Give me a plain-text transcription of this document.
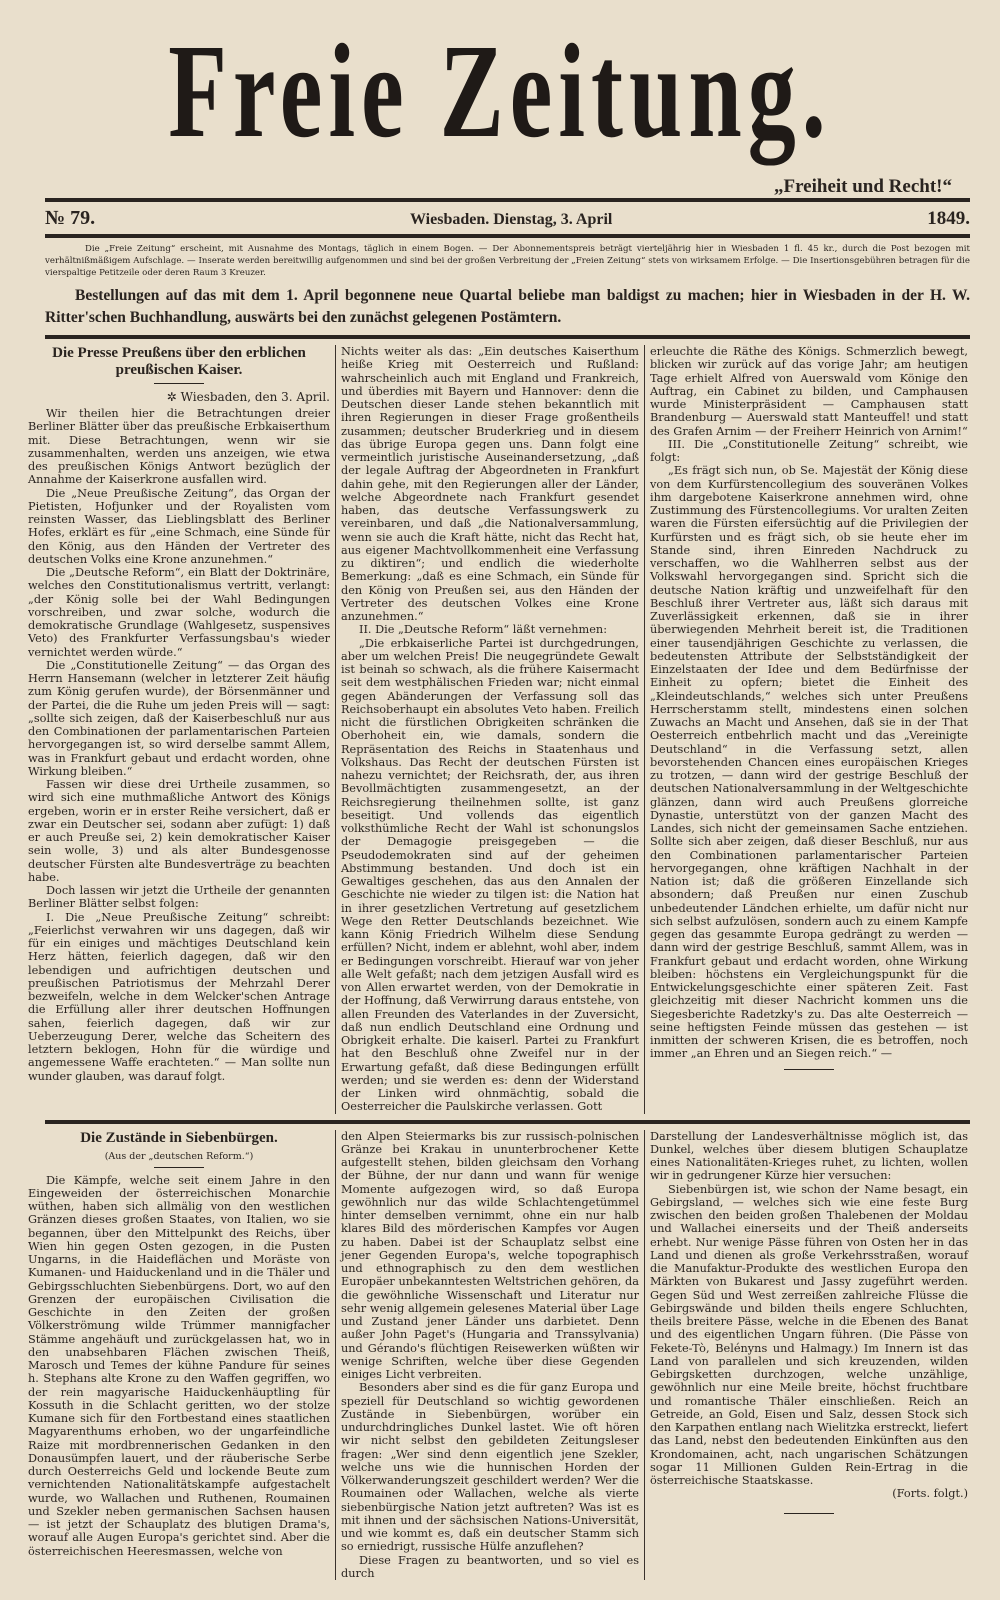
Freie Zeitung.
„Freiheit und Recht!“
№ 79.	Wiesbaden. Dienstag, 3. April	1849.
Die „Freie Zeitung“ erscheint, mit Ausnahme des Montags, täglich in einem Bogen. — Der Abonnementspreis beträgt vierteljährig hier in Wiesbaden 1 fl. 45 kr., durch die Post bezogen mit verhältnißmäßigem Aufschlage. — Inserate werden bereitwillig aufgenommen und sind bei der großen Verbreitung der „Freien Zeitung“ stets von wirksamem Erfolge. — Die Insertionsgebühren betragen für die vierspaltige Petitzeile oder deren Raum 3 Kreuzer.
Bestellungen auf das mit dem 1. April begonnene neue Quartal beliebe man baldigst zu machen; hier in Wiesbaden in der H. W. Ritter'schen Buchhandlung, auswärts bei den zunächst gelegenen Postämtern.
Die Presse Preußens über den erblichen preußischen Kaiser.
✲ Wiesbaden, den 3. April.

Wir theilen hier die Betrachtungen dreier Berliner Blätter über das preußische Erbkaiserthum mit. Diese Betrachtungen, wenn wir sie zusammenhalten, werden uns anzeigen, wie etwa des preußischen Königs Antwort bezüglich der Annahme der Kaiserkrone ausfallen wird.

Die „Neue Preußische Zeitung“, das Organ der Pietisten, Hofjunker und der Royalisten vom reinsten Wasser, das Lieblingsblatt des Berliner Hofes, erklärt es für „eine Schmach, eine Sünde für den König, aus den Händen der Vertreter des deutschen Volks eine Krone anzunehmen.“

Die „Deutsche Reform“, ein Blatt der Doktrinäre, welches den Constitutionalismus vertritt, verlangt: „der König solle bei der Wahl Bedingungen vorschreiben, und zwar solche, wodurch die demokratische Grundlage (Wahlgesetz, suspensives Veto) des Frankfurter Verfassungsbau's wieder vernichtet werden würde.“

Die „Constitutionelle Zeitung“ — das Organ des Herrn Hansemann (welcher in letzterer Zeit häufig zum König gerufen wurde), der Börsenmänner und der Partei, die die Ruhe um jeden Preis will — sagt: „sollte sich zeigen, daß der Kaiserbeschluß nur aus den Combinationen der parlamentarischen Parteien hervorgegangen ist, so wird derselbe sammt Allem, was in Frankfurt gebaut und erdacht worden, ohne Wirkung bleiben.“

Fassen wir diese drei Urtheile zusammen, so wird sich eine muthmaßliche Antwort des Königs ergeben, worin er in erster Reihe versichert, daß er zwar ein Deutscher sei, sodann aber zufügt: 1) daß er auch Preuße sei, 2) kein demokratischer Kaiser sein wolle, 3) und als alter Bundesgenosse deutscher Fürsten alte Bundesverträge zu beachten habe.

Doch lassen wir jetzt die Urtheile der genannten Berliner Blätter selbst folgen:

I. Die „Neue Preußische Zeitung“ schreibt: „Feierlichst verwahren wir uns dagegen, daß wir für ein einiges und mächtiges Deutschland kein Herz hätten, feierlich dagegen, daß wir den lebendigen und aufrichtigen deutschen und preußischen Patriotismus der Mehrzahl Derer bezweifeln, welche in dem Welcker'schen Antrage die Erfüllung aller ihrer deutschen Hoffnungen sahen, feierlich dagegen, daß wir zur Ueberzeugung Derer, welche das Scheitern des letztern beklogen, Hohn für die würdige und angemessene Waffe erachteten.“ — Man sollte nun wunder glauben, was darauf folgt.

Nichts weiter als das: „Ein deutsches Kaiserthum heiße Krieg mit Oesterreich und Rußland: wahrscheinlich auch mit England und Frankreich, und überdies mit Bayern und Hannover: denn die Deutschen dieser Lande stehen bekanntlich mit ihren Regierungen in dieser Frage großentheils zusammen; deutscher Bruderkrieg und in diesem das übrige Europa gegen uns. Dann folgt eine vermeintlich juristische Auseinandersetzung, „daß der legale Auftrag der Abgeordneten in Frankfurt dahin gehe, mit den Regierungen aller der Länder, welche Abgeordnete nach Frankfurt gesendet haben, das deutsche Verfassungswerk zu vereinbaren, und daß „die Nationalversammlung, wenn sie auch die Kraft hätte, nicht das Recht hat, aus eigener Machtvollkommenheit eine Verfassung zu diktiren“; und endlich die wiederholte Bemerkung: „daß es eine Schmach, ein Sünde für den König von Preußen sei, aus den Händen der Vertreter des deutschen Volkes eine Krone anzunehmen.“

II. Die „Deutsche Reform“ läßt vernehmen:

„Die erbkaiserliche Partei ist durchgedrungen, aber um welchen Preis! Die neugegründete Gewalt ist beinah so schwach, als die frühere Kaisermacht seit dem westphälischen Frieden war; nicht einmal gegen Abänderungen der Verfassung soll das Reichsoberhaupt ein absolutes Veto haben. Freilich nicht die fürstlichen Obrigkeiten schränken die Oberhoheit ein, wie damals, sondern die Repräsentation des Reichs in Staatenhaus und Volkshaus. Das Recht der deutschen Fürsten ist nahezu vernichtet; der Reichsrath, der, aus ihren Bevollmächtigten zusammengesetzt, an der Reichsregierung theilnehmen sollte, ist ganz beseitigt. Und vollends das eigentlich volksthümliche Recht der Wahl ist schonungslos der Demagogie preisgegeben — die Pseudodemokraten sind auf der geheimen Abstimmung bestanden. Und doch ist ein Gewaltiges geschehen, das aus den Annalen der Geschichte nie wieder zu tilgen ist: die Nation hat in ihrer gesetzlichen Vertretung auf gesetzlichem Wege den Retter Deutschlands bezeichnet. Wie kann König Friedrich Wilhelm diese Sendung erfüllen? Nicht, indem er ablehnt, wohl aber, indem er Bedingungen vorschreibt. Hierauf war von jeher alle Welt gefaßt; nach dem jetzigen Ausfall wird es von Allen erwartet werden, von der Demokratie in der Hoffnung, daß Verwirrung daraus entstehe, von allen Freunden des Vaterlandes in der Zuversicht, daß nun endlich Deutschland eine Ordnung und Obrigkeit erhalte. Die kaiserl. Partei zu Frankfurt hat den Beschluß ohne Zweifel nur in der Erwartung gefaßt, daß diese Bedingungen erfüllt werden; und sie werden es: denn der Widerstand der Linken wird ohnmächtig, sobald die Oesterreicher die Paulskirche verlassen. Gott

erleuchte die Räthe des Königs. Schmerzlich bewegt, blicken wir zurück auf das vorige Jahr; am heutigen Tage erhielt Alfred von Auerswald vom Könige den Auftrag, ein Cabinet zu bilden, und Camphausen wurde Ministerpräsident — Camphausen statt Brandenburg — Auerswald statt Manteuffel! und statt des Grafen Arnim — der Freiherr Heinrich von Arnim!“

III. Die „Constitutionelle Zeitung“ schreibt, wie folgt:

„Es frägt sich nun, ob Se. Majestät der König diese von dem Kurfürstencollegium des souveränen Volkes ihm dargebotene Kaiserkrone annehmen wird, ohne Zustimmung des Fürstencollegiums. Vor uralten Zeiten waren die Fürsten eifersüchtig auf die Privilegien der Kurfürsten und es frägt sich, ob sie heute eher im Stande sind, ihren Einreden Nachdruck zu verschaffen, wo die Wahlherren selbst aus der Volkswahl hervorgegangen sind. Spricht sich die deutsche Nation kräftig und unzweifelhaft für den Beschluß ihrer Vertreter aus, läßt sich daraus mit Zuverlässigkeit erkennen, daß sie in ihrer überwiegenden Mehrheit bereit ist, die Traditionen einer tausendjährigen Geschichte zu verlassen, die bedeutensten Attribute der Selbstständigkeit der Einzelstaaten der Idee und dem Bedürfnisse der Einheit zu opfern; bietet die Einheit des „Kleindeutschlands,“ welches sich unter Preußens Herrscherstamm stellt, mindestens einen solchen Zuwachs an Macht und Ansehen, daß sie in der That Oesterreich entbehrlich macht und das „Vereinigte Deutschland“ in die Verfassung setzt, allen bevorstehenden Chancen eines europäischen Krieges zu trotzen, — dann wird der gestrige Beschluß der deutschen Nationalversammlung in der Weltgeschichte glänzen, dann wird auch Preußens glorreiche Dynastie, unterstützt von der ganzen Macht des Landes, sich nicht der gemeinsamen Sache entziehen. Sollte sich aber zeigen, daß dieser Beschluß, nur aus den Combinationen parlamentarischer Parteien hervorgegangen, ohne kräftigen Nachhalt in der Nation ist; daß die größeren Einzellande sich absondern; daß Preußen nur einen Zuschub unbedeutender Ländchen erhielte, um dafür nicht nur sich selbst aufzulösen, sondern auch zu einem Kampfe gegen das gesammte Europa gedrängt zu werden — dann wird der gestrige Beschluß, sammt Allem, was in Frankfurt gebaut und erdacht worden, ohne Wirkung bleiben: höchstens ein Vergleichungspunkt für die Entwickelungsgeschichte einer späteren Zeit. Fast gleichzeitig mit dieser Nachricht kommen uns die Siegesberichte Radetzky's zu. Das alte Oesterreich — seine heftigsten Feinde müssen das gestehen — ist inmitten der schweren Krisen, die es betroffen, noch immer „an Ehren und an Siegen reich.“ —

Die Zustände in Siebenbürgen.
(Aus der „deutschen Reform.“)

Die Kämpfe, welche seit einem Jahre in den Eingeweiden der österreichischen Monarchie wüthen, haben sich allmälig von den westlichen Gränzen dieses großen Staates, von Italien, wo sie begannen, über den Mittelpunkt des Reichs, über Wien hin gegen Osten gezogen, in die Pusten Ungarns, in die Haideflächen und Moräste von Kumanen- und Haiduckenland und in die Thäler und Gebirgsschluchten Siebenbürgens. Dort, wo auf den Grenzen der europäischen Civilisation die Geschichte in den Zeiten der großen Völkerströmung wilde Trümmer mannigfacher Stämme angehäuft und zurückgelassen hat, wo in den unabsehbaren Flächen zwischen Theiß, Marosch und Temes der kühne Pandure für seines h. Stephans alte Krone zu den Waffen gegriffen, wo der rein magyarische Haiduckenhäuptling für Kossuth in die Schlacht geritten, wo der stolze Kumane sich für den Fortbestand eines staatlichen Magyarenthums erhoben, wo der ungarfeindliche Raize mit mordbrennerischen Gedanken in den Donausümpfen lauert, und der räuberische Serbe durch Oesterreichs Geld und lockende Beute zum vernichtenden Nationalitätskampfe aufgestachelt wurde, wo Wallachen und Ruthenen, Roumainen und Szekler neben germanischen Sachsen hausen — ist jetzt der Schauplatz des blutigen Drama's, worauf alle Augen Europa's gerichtet sind. Aber die österreichischen Heeresmassen, welche von

den Alpen Steiermarks bis zur russisch-polnischen Gränze bei Krakau in ununterbrochener Kette aufgestellt stehen, bilden gleichsam den Vorhang der Bühne, der nur dann und wann für wenige Momente aufgezogen wird, so daß Europa gewöhnlich nur das wilde Schlachtengetümmel hinter demselben vernimmt, ohne ein nur halb klares Bild des mörderischen Kampfes vor Augen zu haben. Dabei ist der Schauplatz selbst eine jener Gegenden Europa's, welche topographisch und ethnographisch zu den dem westlichen Europäer unbekanntesten Weltstrichen gehören, da die gewöhnliche Wissenschaft und Literatur nur sehr wenig allgemein gelesenes Material über Lage und Zustand jener Länder uns darbietet. Denn außer John Paget's (Hungaria and Transsylvania) und Gérando's flüchtigen Reisewerken wüßten wir wenige Schriften, welche über diese Gegenden einiges Licht verbreiten.

Besonders aber sind es die für ganz Europa und speziell für Deutschland so wichtig gewordenen Zustände in Siebenbürgen, worüber ein undurchdringliches Dunkel lastet. Wie oft hören wir nicht selbst den gebildeten Zeitungsleser fragen: „Wer sind denn eigentlich jene Szekler, welche uns wie die hunnischen Horden der Völkerwanderungszeit geschildert werden? Wer die Roumainen oder Wallachen, welche als vierte siebenbürgische Nation jetzt auftreten? Was ist es mit ihnen und der sächsischen Nations-Universität, und wie kommt es, daß ein deutscher Stamm sich so erniedrigt, russische Hülfe anzuflehen?

Diese Fragen zu beantworten, und so viel es durch

Darstellung der Landesverhältnisse möglich ist, das Dunkel, welches über diesem blutigen Schauplatze eines Nationalitäten-Krieges ruhet, zu lichten, wollen wir in gedrungener Kürze hier versuchen:

Siebenbürgen ist, wie schon der Name besagt, ein Gebirgsland, — welches sich wie eine feste Burg zwischen den beiden großen Thalebenen der Moldau und Wallachei einerseits und der Theiß anderseits erhebt. Nur wenige Pässe führen von Osten her in das Land und dienen als große Verkehrsstraßen, worauf die Manufaktur-Produkte des westlichen Europa den Märkten von Bukarest und Jassy zugeführt werden. Gegen Süd und West zerreißen zahlreiche Flüsse die Gebirgswände und bilden theils engere Schluchten, theils breitere Pässe, welche in die Ebenen des Banat und des eigentlichen Ungarn führen. (Die Pässe von Fekete-Tò, Belényns und Halmagy.) Im Innern ist das Land von parallelen und sich kreuzenden, wilden Gebirgsketten durchzogen, welche unzählige, gewöhnlich nur eine Meile breite, höchst fruchtbare und romantische Thäler einschließen. Reich an Getreide, an Gold, Eisen und Salz, dessen Stock sich den Karpathen entlang nach Wielitzka erstreckt, liefert das Land, nebst den bedeutenden Einkünften aus den Krondomainen, acht, nach ungarischen Schätzungen sogar 11 Millionen Gulden Rein-Ertrag in die österreichische Staatskasse.

(Forts. folgt.)
